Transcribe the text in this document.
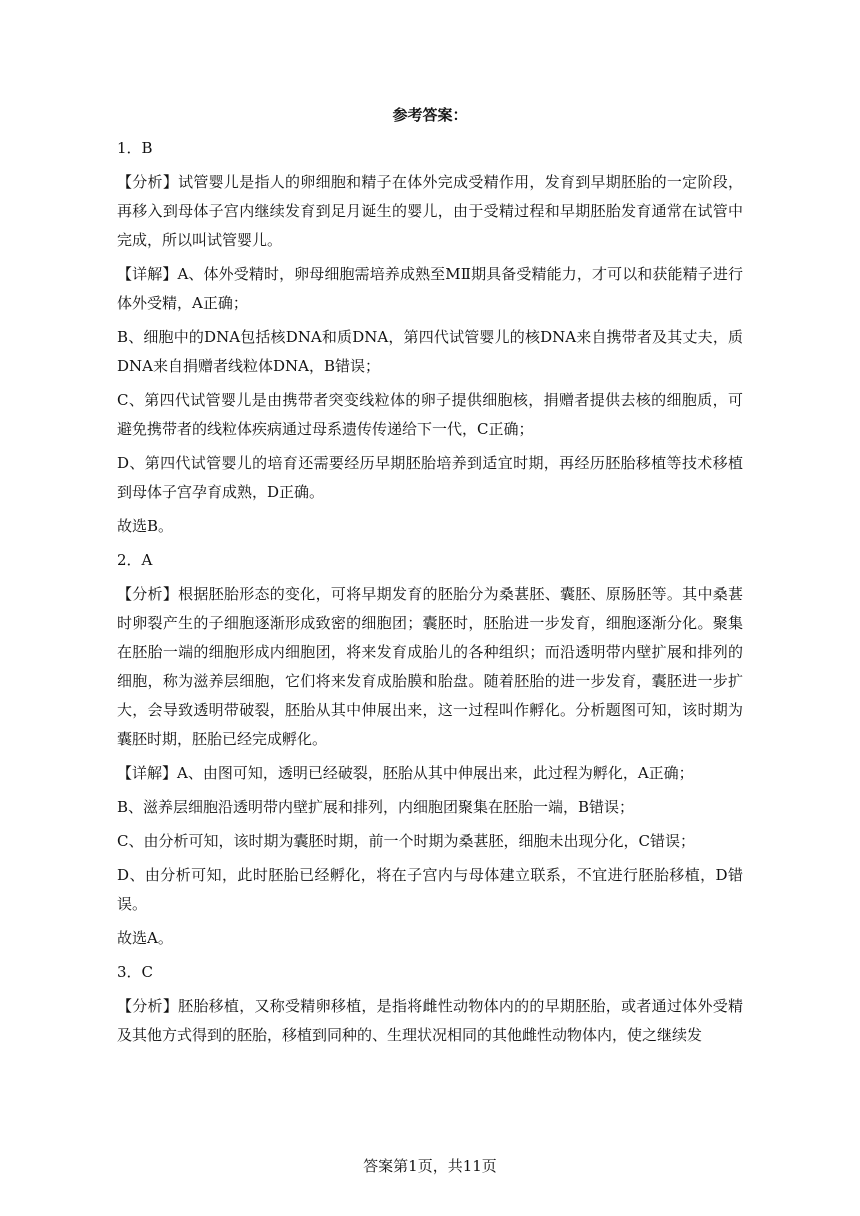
参考答案：

1．B

【分析】试管婴儿是指人的卵细胞和精子在体外完成受精作用，发育到早期胚胎的一定阶段，再移入到母体子宫内继续发育到足月诞生的婴儿，由于受精过程和早期胚胎发育通常在试管中完成，所以叫试管婴儿。

【详解】A、体外受精时，卵母细胞需培养成熟至MⅡ期具备受精能力，才可以和获能精子进行体外受精，A正确；

B、细胞中的DNA包括核DNA和质DNA，第四代试管婴儿的核DNA来自携带者及其丈夫，质DNA来自捐赠者线粒体DNA，B错误；

C、第四代试管婴儿是由携带者突变线粒体的卵子提供细胞核，捐赠者提供去核的细胞质，可避免携带者的线粒体疾病通过母系遗传传递给下一代，C正确；

D、第四代试管婴儿的培育还需要经历早期胚胎培养到适宜时期，再经历胚胎移植等技术移植到母体子宫孕育成熟，D正确。

故选B。

2．A

【分析】根据胚胎形态的变化，可将早期发育的胚胎分为桑葚胚、囊胚、原肠胚等。其中桑葚时卵裂产生的子细胞逐渐形成致密的细胞团；囊胚时，胚胎进一步发育，细胞逐渐分化。聚集在胚胎一端的细胞形成内细胞团，将来发育成胎儿的各种组织；而沿透明带内壁扩展和排列的细胞，称为滋养层细胞，它们将来发育成胎膜和胎盘。随着胚胎的进一步发育，囊胚进一步扩大，会导致透明带破裂，胚胎从其中伸展出来，这一过程叫作孵化。分析题图可知，该时期为囊胚时期，胚胎已经完成孵化。

【详解】A、由图可知，透明已经破裂，胚胎从其中伸展出来，此过程为孵化，A正确；

B、滋养层细胞沿透明带内壁扩展和排列，内细胞团聚集在胚胎一端，B错误；

C、由分析可知，该时期为囊胚时期，前一个时期为桑葚胚，细胞未出现分化，C错误；

D、由分析可知，此时胚胎已经孵化，将在子宫内与母体建立联系，不宜进行胚胎移植，D错误。

故选A。

3．C

【分析】胚胎移植，又称受精卵移植，是指将雌性动物体内的的早期胚胎，或者通过体外受精及其他方式得到的胚胎，移植到同种的、生理状况相同的其他雌性动物体内，使之继续发

答案第1页，共11页
